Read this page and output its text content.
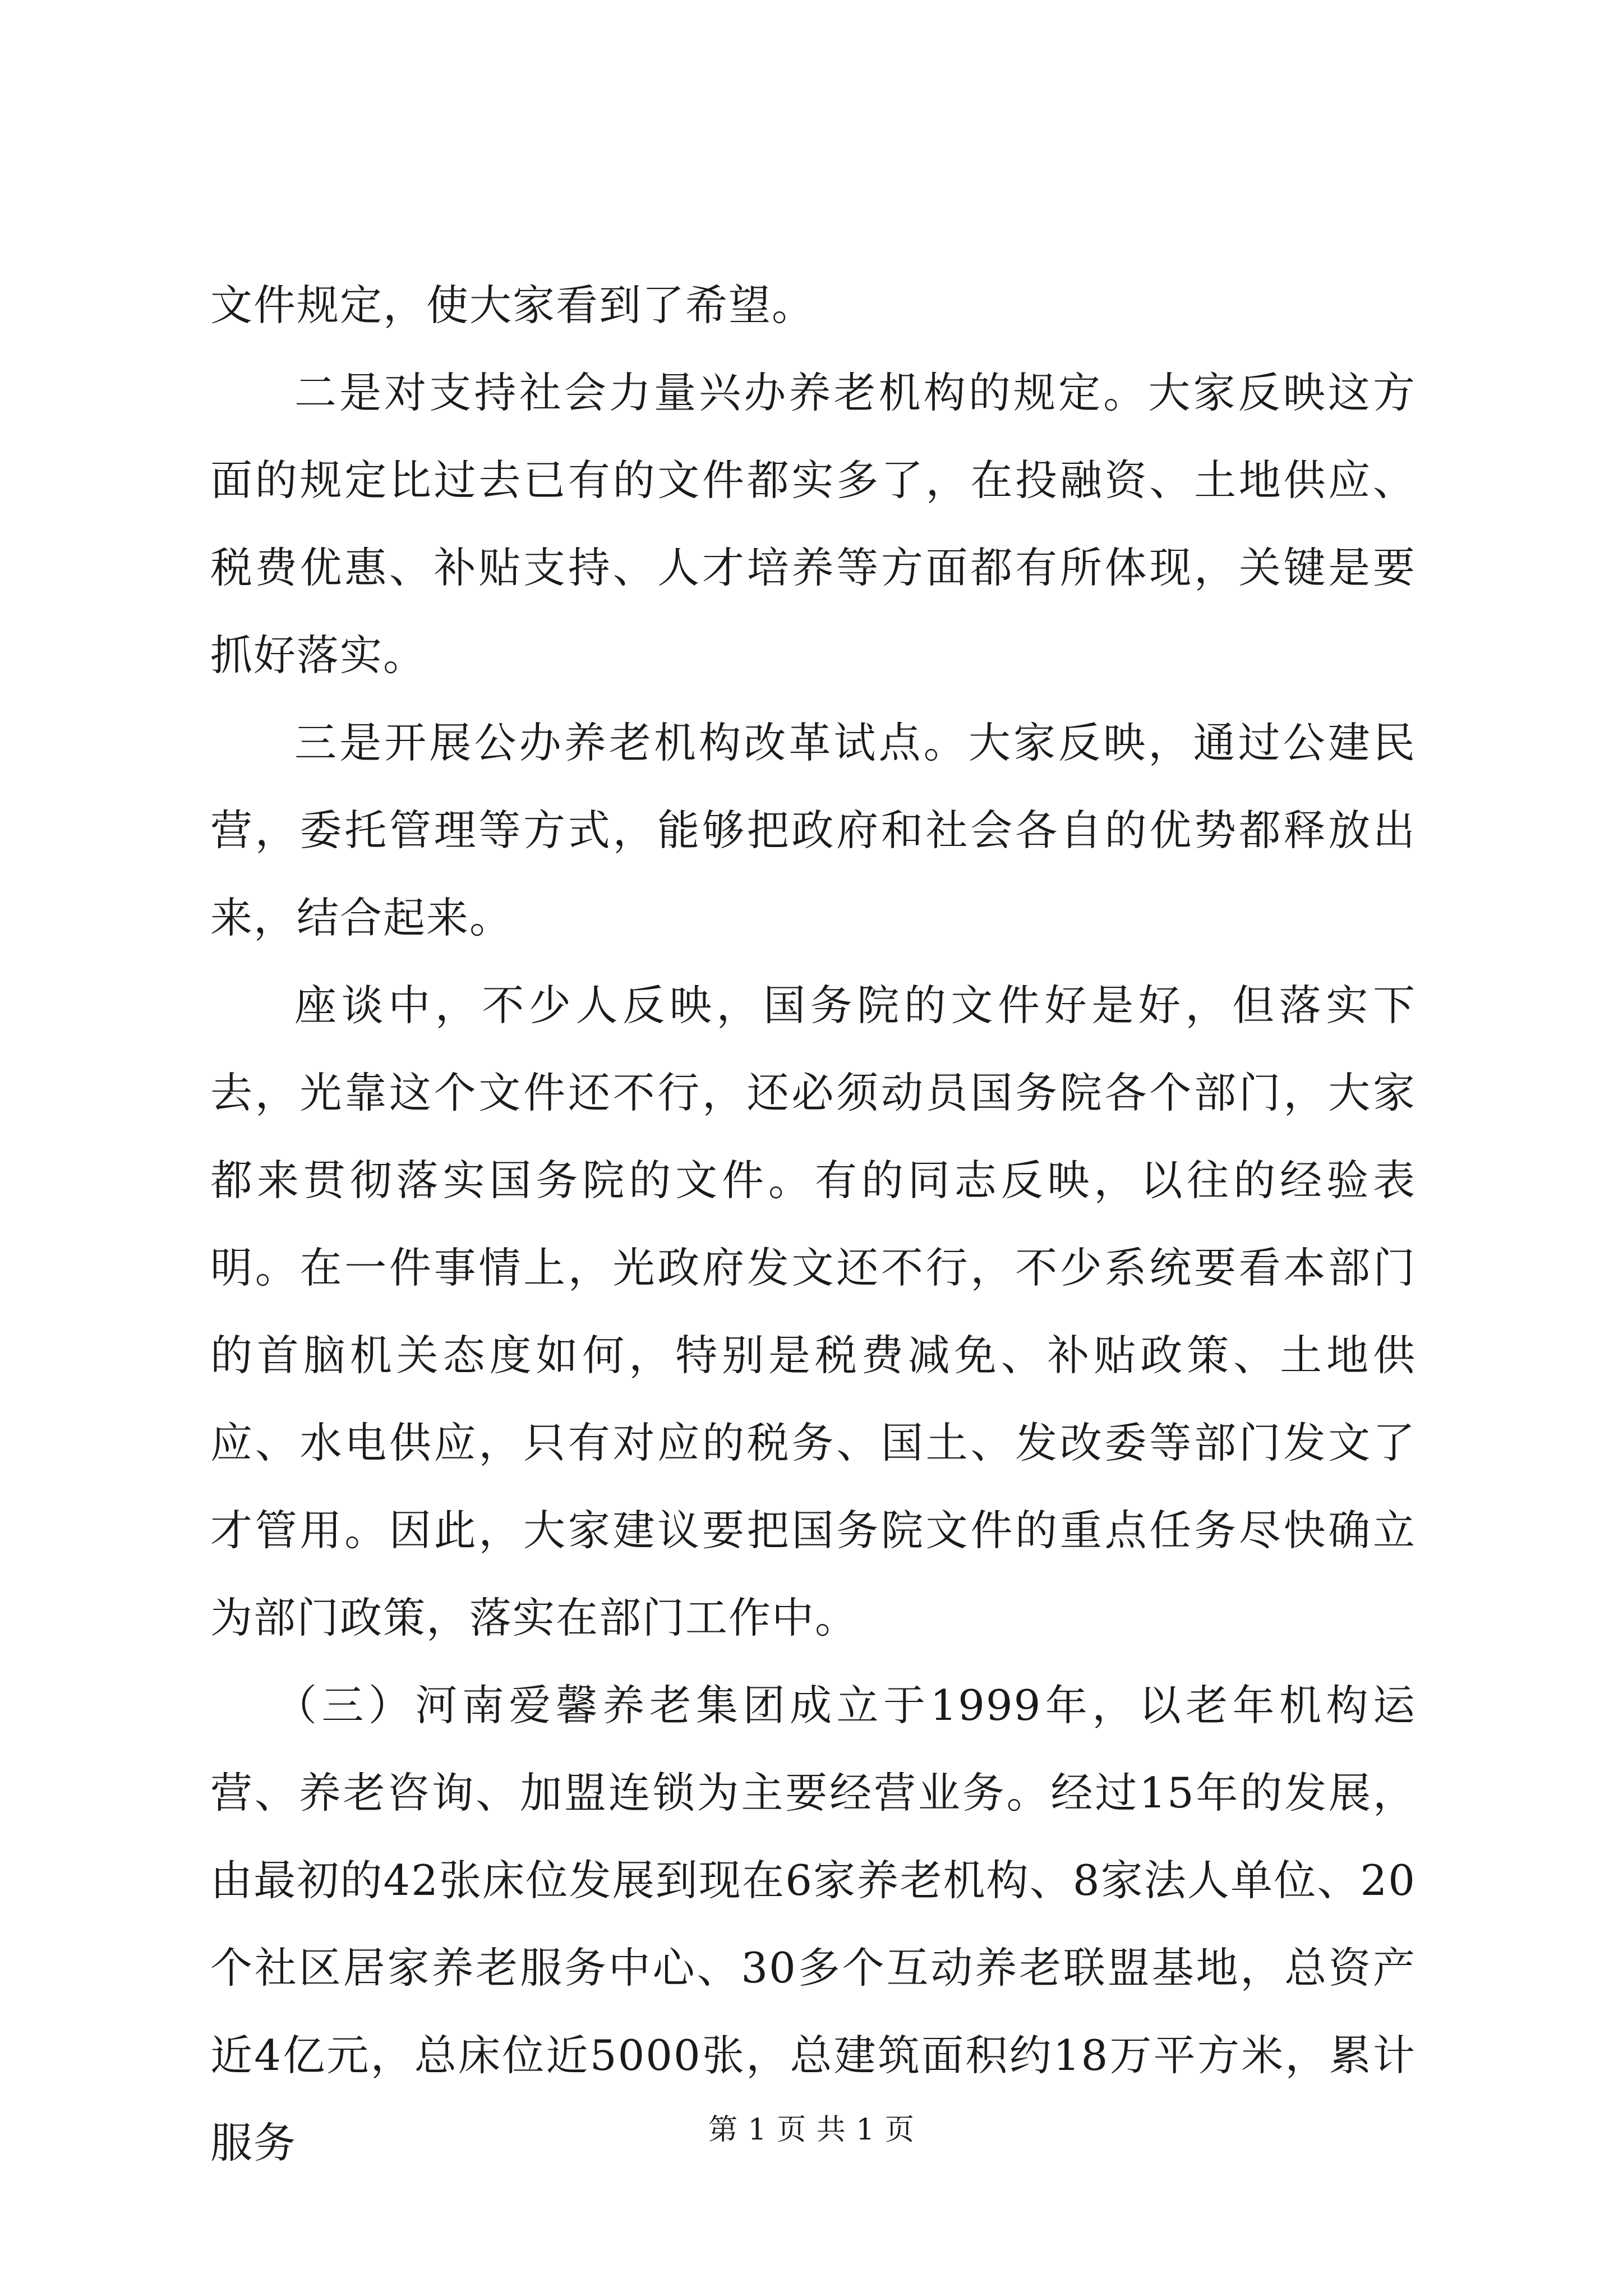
文件规定，使大家看到了希望。

二是对支持社会力量兴办养老机构的规定。大家反映这方面的规定比过去已有的文件都实多了，在投融资、土地供应、税费优惠、补贴支持、人才培养等方面都有所体现，关键是要抓好落实。

三是开展公办养老机构改革试点。大家反映，通过公建民营，委托管理等方式，能够把政府和社会各自的优势都释放出来，结合起来。

座谈中，不少人反映，国务院的文件好是好，但落实下去，光靠这个文件还不行，还必须动员国务院各个部门，大家都来贯彻落实国务院的文件。有的同志反映，以往的经验表明。在一件事情上，光政府发文还不行，不少系统要看本部门的首脑机关态度如何，特别是税费减免、补贴政策、土地供应、水电供应，只有对应的税务、国土、发改委等部门发文了才管用。因此，大家建议要把国务院文件的重点任务尽快确立为部门政策，落实在部门工作中。

（三）河南爱馨养老集团成立于1999年，以老年机构运营、养老咨询、加盟连锁为主要经营业务。经过15年的发展，由最初的42张床位发展到现在6家养老机构、8家法人单位、20个社区居家养老服务中心、30多个互动养老联盟基地，总资产近4亿元，总床位近5000张，总建筑面积约18万平方米，累计服务	第 1 页 共 1 页
